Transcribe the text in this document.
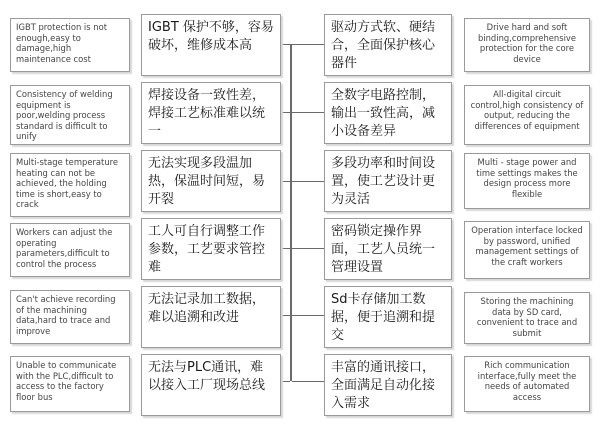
IGBT protection is not enough,easy to damage,high maintenance cost
Consistency of welding equipment is poor,welding process standard is difficult to unify
Multi-stage temperature heating can not be achieved, the holding time is short,easy to crack
Workers can adjust the operating parameters,difficult to control the process
Can't achieve recording of the machining data,hard to trace and improve
Unable to communicate with the PLC,difficult to access to the factory floor bus
IGBT 保护不够，容易破坏，维修成本高
焊接设备一致性差，焊接工艺标准难以统一
无法实现多段温加热，保温时间短，易开裂
工人可自行调整工作参数，工艺要求管控难
无法记录加工数据，难以追溯和改进
无法与PLC通讯，难以接入工厂现场总线
驱动方式软、硬结合，全面保护核心器件
全数字电路控制，输出一致性高，减小设备差异
多段功率和时间设置，使工艺设计更为灵活
密码锁定操作界面，工艺人员统一管理设置
Sd卡存储加工数据，便于追溯和提交
丰富的通讯接口，全面满足自动化接入需求
Drive hard and soft binding,comprehensive protection for the core device
All-digital circuit control,high consistency of output, reducing the differences of equipment
Multi - stage power and time settings makes the design process more flexible
Operation interface locked by password, unified management settings of the craft workers
Storing the machining data by SD card, convenient to trace and submit
Rich communication interface,fully meet the needs of automated access
